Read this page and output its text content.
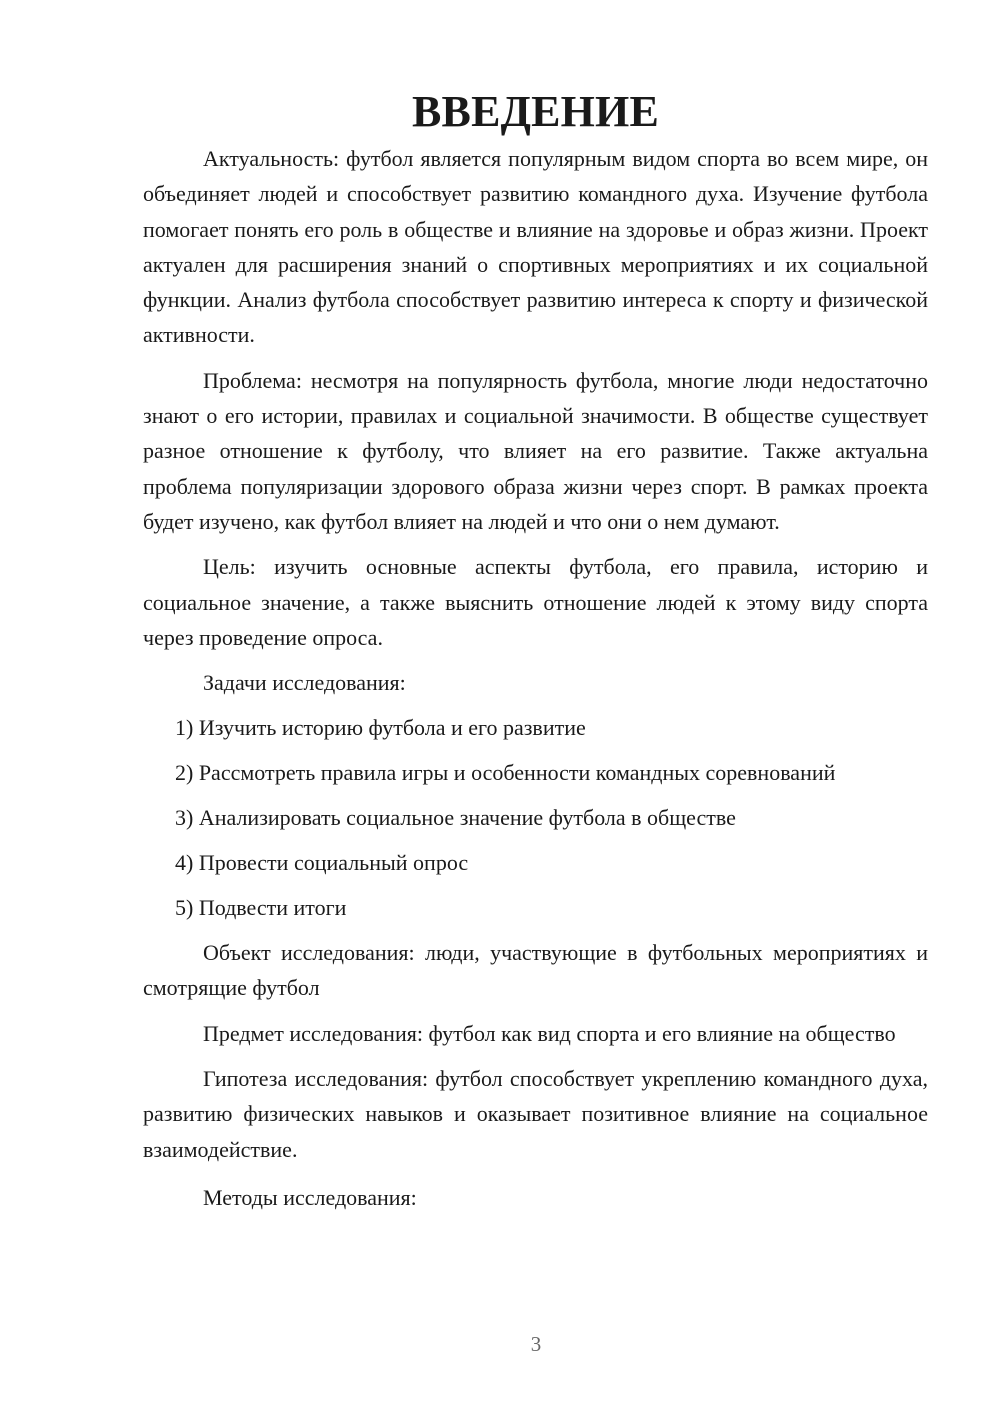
ВВЕДЕНИЕ

Актуальность: футбол является популярным видом спорта во всем мире, он объединяет людей и способствует развитию командного духа. Изучение футбола помогает понять его роль в обществе и влияние на здоровье и образ жизни. Проект актуален для расширения знаний о спортивных мероприятиях и их социальной функции. Анализ футбола способствует развитию интереса к спорту и физической активности.

Проблема: несмотря на популярность футбола, многие люди недостаточно знают о его истории, правилах и социальной значимости. В обществе существует разное отношение к футболу, что влияет на его развитие. Также актуальна проблема популяризации здорового образа жизни через спорт. В рамках проекта будет изучено, как футбол влияет на людей и что они о нем думают.

Цель: изучить основные аспекты футбола, его правила, историю и социальное значение, а также выяснить отношение людей к этому виду спорта через проведение опроса.

Задачи исследования:

1) Изучить историю футбола и его развитие
2) Рассмотреть правила игры и особенности командных соревнований
3) Анализировать социальное значение футбола в обществе
4) Провести социальный опрос
5) Подвести итоги

Объект исследования: люди, участвующие в футбольных мероприятиях и смотрящие футбол

Предмет исследования: футбол как вид спорта и его влияние на общество

Гипотеза исследования: футбол способствует укреплению командного духа, развитию физических навыков и оказывает позитивное влияние на социальное взаимодействие.

Методы исследования:

3
